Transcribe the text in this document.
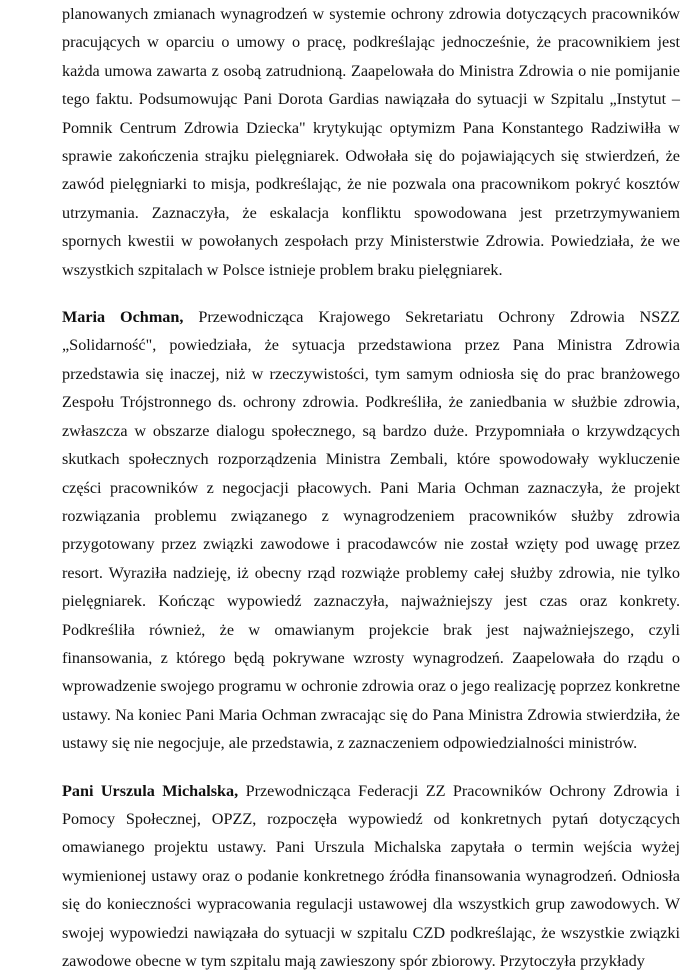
planowanych zmianach wynagrodzeń w systemie ochrony zdrowia dotyczących pracowników pracujących w oparciu o umowy o pracę, podkreślając jednocześnie, że pracownikiem jest każda umowa zawarta z osobą zatrudnioną. Zaapelowała do Ministra Zdrowia o nie pomijanie tego faktu. Podsumowując Pani Dorota Gardias nawiązała do sytuacji w Szpitalu „Instytut – Pomnik Centrum Zdrowia Dziecka" krytykując optymizm Pana Konstantego Radziwiłła w sprawie zakończenia strajku pielęgniarek. Odwołała się do pojawiających się stwierdzeń, że zawód pielęgniarki to misja, podkreślając, że nie pozwala ona pracownikom pokryć kosztów utrzymania. Zaznaczyła, że eskalacja konfliktu spowodowana jest przetrzymywaniem spornych kwestii w powołanych zespołach przy Ministerstwie Zdrowia. Powiedziała, że we wszystkich szpitalach w Polsce istnieje problem braku pielęgniarek.

Maria Ochman, Przewodnicząca Krajowego Sekretariatu Ochrony Zdrowia NSZZ „Solidarność", powiedziała, że sytuacja przedstawiona przez Pana Ministra Zdrowia przedstawia się inaczej, niż w rzeczywistości, tym samym odniosła się do prac branżowego Zespołu Trójstronnego ds. ochrony zdrowia. Podkreśliła, że zaniedbania w służbie zdrowia, zwłaszcza w obszarze dialogu społecznego, są bardzo duże. Przypomniała o krzywdzących skutkach społecznych rozporządzenia Ministra Zembali, które spowodowały wykluczenie części pracowników z negocjacji płacowych. Pani Maria Ochman zaznaczyła, że projekt rozwiązania problemu związanego z wynagrodzeniem pracowników służby zdrowia przygotowany przez związki zawodowe i pracodawców nie został wzięty pod uwagę przez resort. Wyraziła nadzieję, iż obecny rząd rozwiąże problemy całej służby zdrowia, nie tylko pielęgniarek. Kończąc wypowiedź zaznaczyła, najważniejszy jest czas oraz konkrety. Podkreśliła również, że w omawianym projekcie brak jest najważniejszego, czyli finansowania, z którego będą pokrywane wzrosty wynagrodzeń. Zaapelowała do rządu o wprowadzenie swojego programu w ochronie zdrowia oraz o jego realizację poprzez konkretne ustawy. Na koniec Pani Maria Ochman zwracając się do Pana Ministra Zdrowia stwierdziła, że ustawy się nie negocjuje, ale przedstawia, z zaznaczeniem odpowiedzialności ministrów.

Pani Urszula Michalska, Przewodnicząca Federacji ZZ Pracowników Ochrony Zdrowia i Pomocy Społecznej, OPZZ, rozpoczęła wypowiedź od konkretnych pytań dotyczących omawianego projektu ustawy. Pani Urszula Michalska zapytała o termin wejścia wyżej wymienionej ustawy oraz o podanie konkretnego źródła finansowania wynagrodzeń. Odniosła się do konieczności wypracowania regulacji ustawowej dla wszystkich grup zawodowych. W swojej wypowiedzi nawiązała do sytuacji w szpitalu CZD podkreślając, że wszystkie związki zawodowe obecne w tym szpitalu mają zawieszony spór zbiorowy. Przytoczyła przykłady
